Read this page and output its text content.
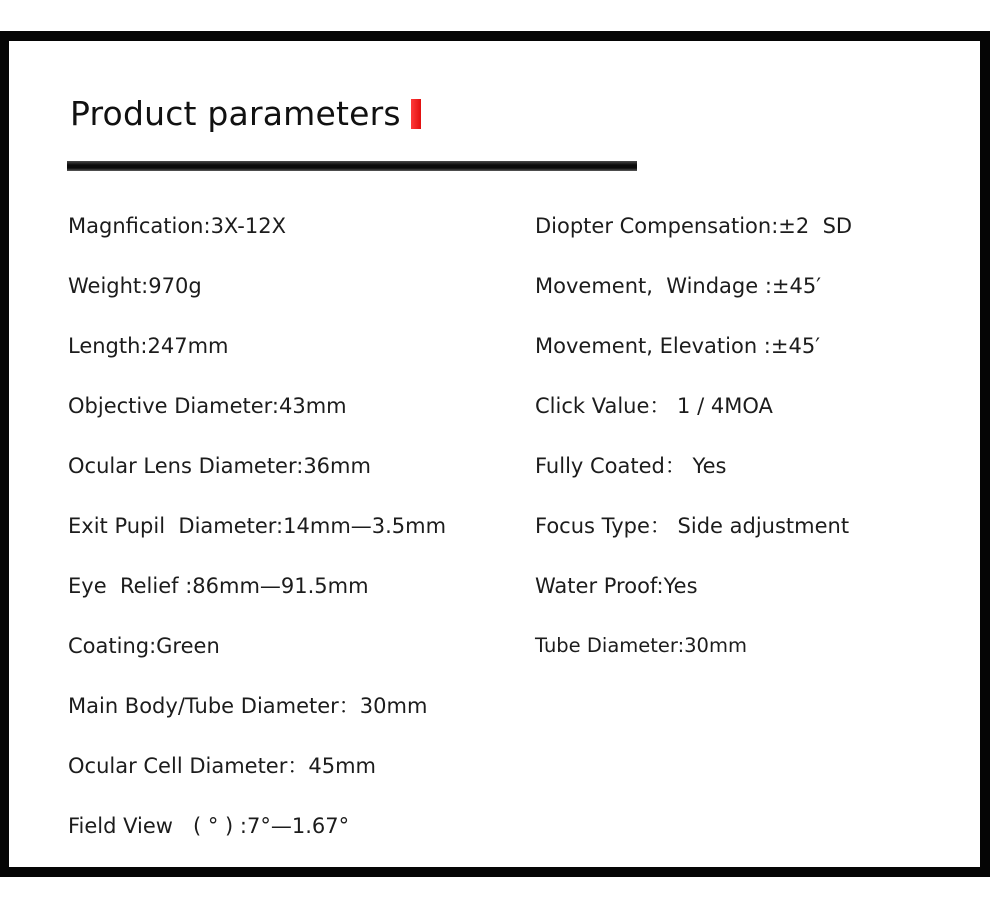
Product parameters
Magnfication:3X-12X
Weight:970g
Length:247mm
Objective Diameter:43mm
Ocular Lens Diameter:36mm
Exit Pupil  Diameter:14mm—3.5mm
Eye  Relief :86mm—91.5mm
Coating:Green
Main Body/Tube Diameter：30mm
Ocular Cell Diameter：45mm
Field View   ( ° ) :7°—1.67°
Diopter Compensation:±2  SD
Movement,  Windage :±45′
Movement, Elevation :±45′
Click Value： 1 / 4MOA
Fully Coated： Yes
Focus Type： Side adjustment
Water Proof:Yes
Tube Diameter:30mm
